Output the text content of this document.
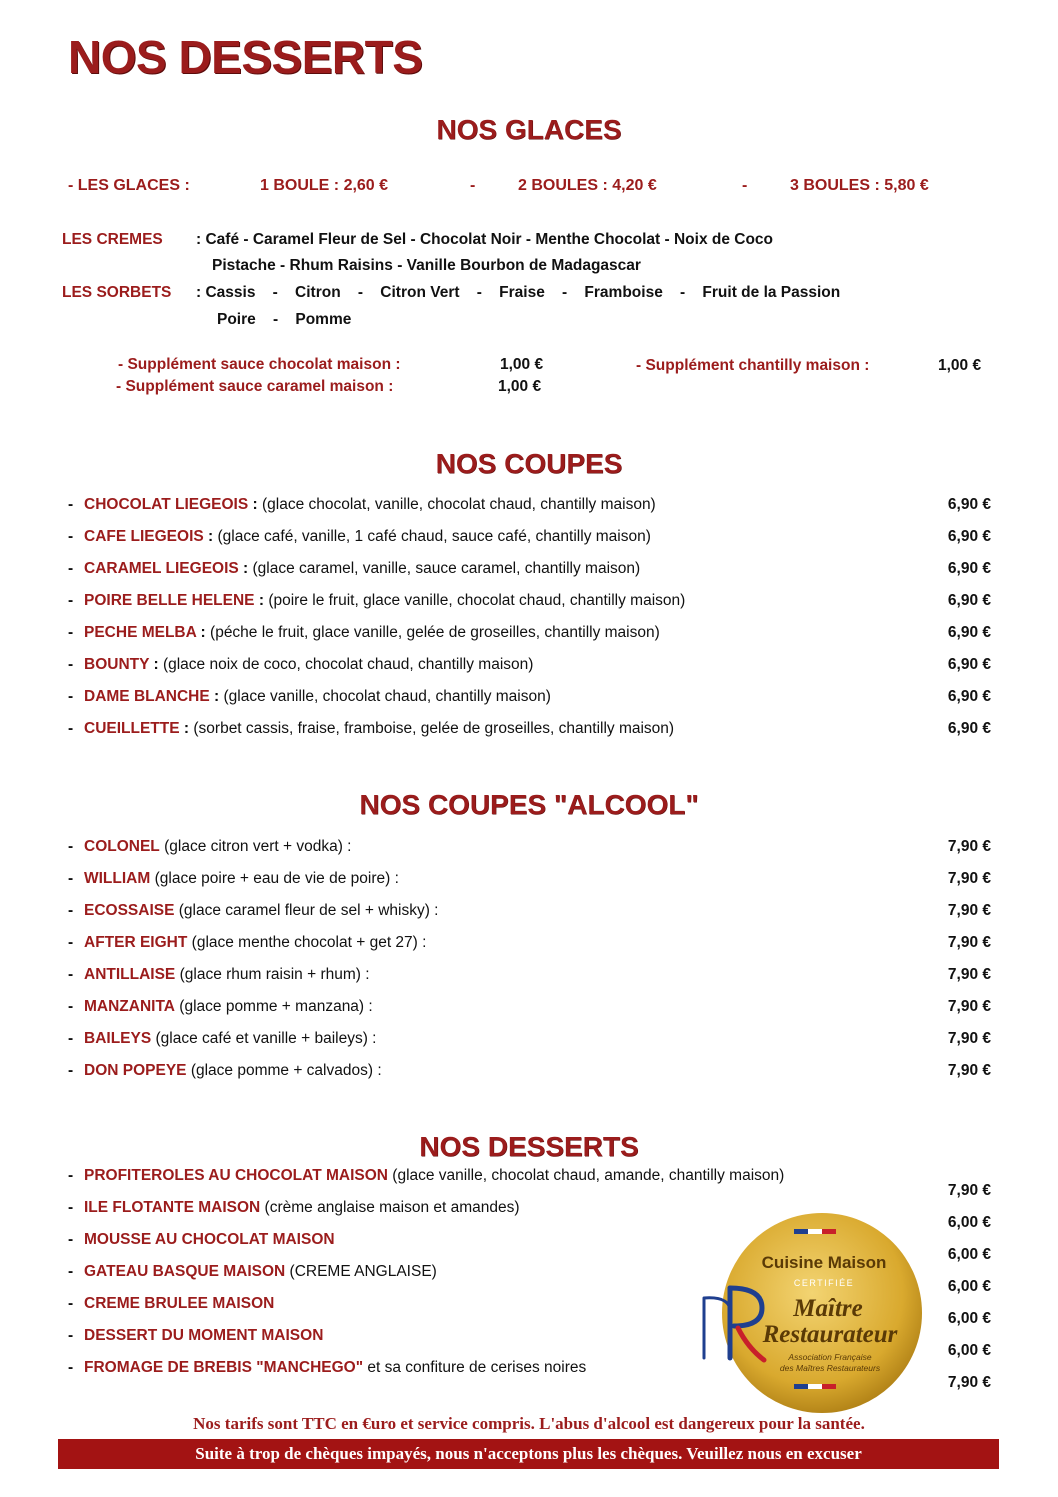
NOS DESSERTS
NOS GLACES
- LES GLACES :	1 BOULE : 2,60 €	-	2 BOULES : 4,20 €	-	3 BOULES : 5,80 €
LES CREMES : Café - Caramel Fleur de Sel - Chocolat Noir - Menthe Chocolat - Noix de Coco
Pistache - Rhum Raisins - Vanille Bourbon de Madagascar
LES SORBETS : Cassis    -    Citron    -    Citron Vert    -    Fraise    -    Framboise    -    Fruit de la Passion
Poire    -    Pomme
- Supplément sauce chocolat maison :	1,00 €
- Supplément sauce caramel maison :	1,00 €
- Supplément chantilly maison :	1,00 €
NOS COUPES
- CHOCOLAT LIEGEOIS : (glace chocolat, vanille, chocolat chaud, chantilly maison)	6,90 €
- CAFE LIEGEOIS : (glace café, vanille, 1 café chaud, sauce café, chantilly maison)	6,90 €
- CARAMEL LIEGEOIS : (glace caramel, vanille, sauce caramel, chantilly maison)	6,90 €
- POIRE BELLE HELENE : (poire le fruit, glace vanille, chocolat chaud, chantilly maison)	6,90 €
- PECHE MELBA : (péche le fruit, glace vanille, gelée de groseilles, chantilly maison)	6,90 €
- BOUNTY : (glace noix de coco, chocolat chaud, chantilly maison)	6,90 €
- DAME BLANCHE : (glace vanille, chocolat chaud, chantilly maison)	6,90 €
- CUEILLETTE : (sorbet cassis, fraise, framboise, gelée de groseilles, chantilly maison)	6,90 €
NOS COUPES "ALCOOL"
- COLONEL (glace citron vert + vodka) :	7,90 €
- WILLIAM (glace poire + eau de vie de poire) :	7,90 €
- ECOSSAISE (glace caramel fleur de sel + whisky) :	7,90 €
- AFTER EIGHT (glace menthe chocolat + get 27) :	7,90 €
- ANTILLAISE (glace rhum raisin + rhum) :	7,90 €
- MANZANITA (glace pomme + manzana) :	7,90 €
- BAILEYS (glace café et vanille + baileys) :	7,90 €
- DON POPEYE (glace pomme + calvados) :	7,90 €
NOS DESSERTS
- PROFITEROLES AU CHOCOLAT MAISON (glace vanille, chocolat chaud, amande, chantilly maison)
7,90 €
- ILE FLOTANTE MAISON (crème anglaise maison et amandes)
6,00 €
- MOUSSE AU CHOCOLAT MAISON
6,00 €
- GATEAU BASQUE MAISON (CREME ANGLAISE)
6,00 €
- CREME BRULEE MAISON
6,00 €
- DESSERT DU MOMENT MAISON
6,00 €
- FROMAGE DE BREBIS "MANCHEGO" et sa confiture de cerises noires
7,90 €
Cuisine Maison
CERTIFIÉE
Maître
Restaurateur
Association Française
des Maîtres Restaurateurs
Nos tarifs sont TTC en €uro et service compris. L'abus d'alcool est dangereux pour la santée.
Suite à trop de chèques impayés, nous n'acceptons plus les chèques. Veuillez nous en excuser
